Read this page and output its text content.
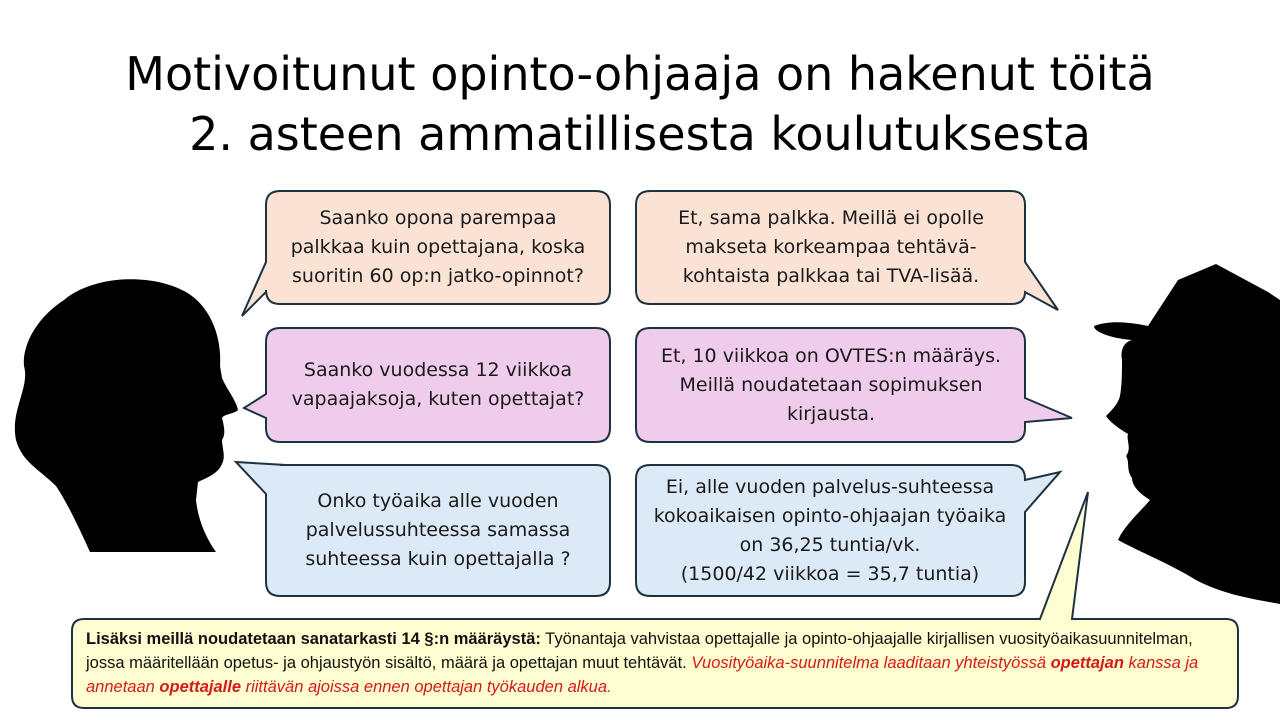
Motivoitunut opinto-ohjaaja on hakenut töitä
2. asteen ammatillisesta koulutuksesta
Saanko opona parempaa palkkaa kuin opettajana, koska suoritin 60 op:n jatko-opinnot?
Saanko vuodessa 12 viikkoa vapaajaksoja, kuten opettajat?
Onko työaika alle vuoden palvelussuhteessa samassa suhteessa kuin opettajalla ?
Et, sama palkka. Meillä ei opolle makseta korkeampaa tehtävä-kohtaista palkkaa tai TVA-lisää.
Et, 10 viikkoa on OVTES:n määräys. Meillä noudatetaan sopimuksen kirjausta.
Ei, alle vuoden palvelus-suhteessa kokoaikaisen opinto-ohjaajan työaika on 36,25 tuntia/vk.
(1500/42 viikkoa = 35,7 tuntia)
Lisäksi meillä noudatetaan sanatarkasti 14 §:n määräystä: Työnantaja vahvistaa opettajalle ja opinto-ohjaajalle kirjallisen vuosityöaikasuunnitelman, jossa määritellään opetus- ja ohjaustyön sisältö, määrä ja opettajan muut tehtävät. Vuosityöaika-suunnitelma laaditaan yhteistyössä opettajan kanssa ja annetaan opettajalle riittävän ajoissa ennen opettajan työkauden alkua.
